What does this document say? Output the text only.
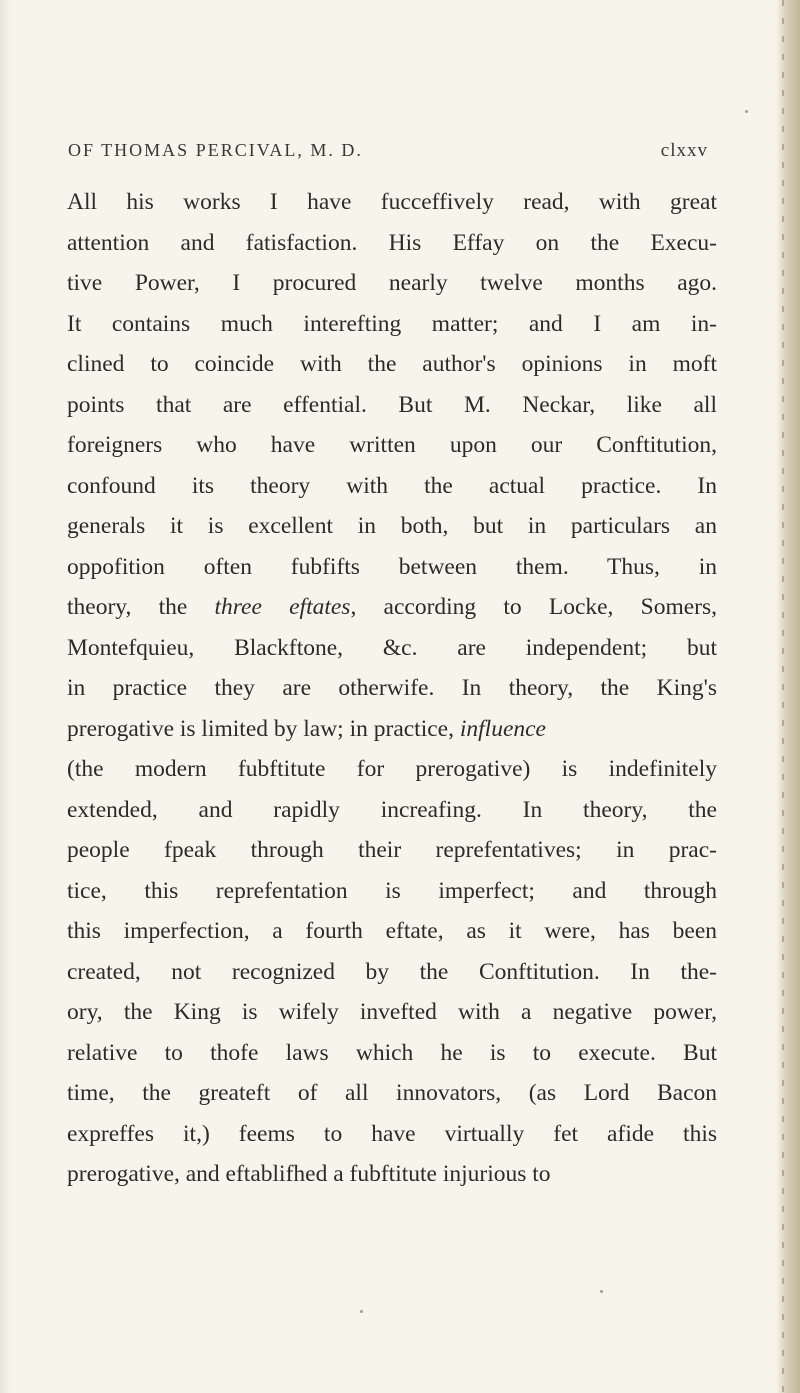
OF THOMAS PERCIVAL, M. D.	clxxv
All his works I have fucceffively read, with great
attention and fatisfaction. His Effay on the Execu-
tive Power, I procured nearly twelve months ago.
It contains much interefting matter; and I am in-
clined to coincide with the author's opinions in moft
points that are effential. But M. Neckar, like all
foreigners who have written upon our Conftitution,
confound its theory with the actual practice. In
generals it is excellent in both, but in particulars an
oppofition often fubfifts between them. Thus, in
theory, the three eftates, according to Locke, Somers,
Montefquieu, Blackftone, &c. are independent; but
in practice they are otherwife. In theory, the King's
prerogative is limited by law; in practice, influence
(the modern fubftitute for prerogative) is indefinitely
extended, and rapidly increafing. In theory, the
people fpeak through their reprefentatives; in prac-
tice, this reprefentation is imperfect; and through
this imperfection, a fourth eftate, as it were, has been
created, not recognized by the Conftitution. In the-
ory, the King is wifely invefted with a negative power,
relative to thofe laws which he is to execute. But
time, the greateft of all innovators, (as Lord Bacon
expreffes it,) feems to have virtually fet afide this
prerogative, and eftablifhed a fubftitute injurious to
